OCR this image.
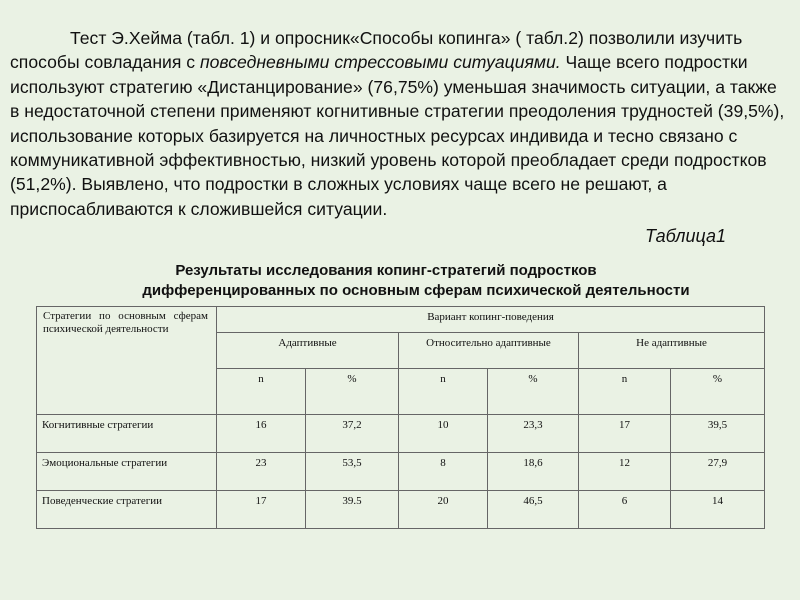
Тест Э.Хейма (табл. 1) и опросник«Способы копинга» ( табл.2) позволили изучить способы совладания с повседневными стрессовыми ситуациями. Чаще всего подростки используют стратегию «Дистанцирование» (76,75%) уменьшая значимость ситуации, а также в недостаточной степени применяют когнитивные стратегии преодоления трудностей (39,5%), использование которых базируется на личностных ресурсах индивида и тесно связано с коммуникативной эффективностью, низкий уровень которой преобладает среди подростков (51,2%). Выявлено, что подростки в сложных условиях чаще всего не решают, а приспосабливаются к сложившейся ситуации.

Таблица1
Результаты исследования копинг-стратегий подростков
дифференцированных по основным сферам психической деятельности
Стратегии по основным сферам психической деятельности	Вариант копинг-поведения					
	Адаптивные		Относительно адаптивные		Не адаптивные	
	n	%	n	%	n	%
Когнитивные стратегии	16	37,2	10	23,3	17	39,5
Эмоциональные стратегии	23	53,5	8	18,6	12	27,9
Поведенческие стратегии	17	39.5	20	46,5	6	14
